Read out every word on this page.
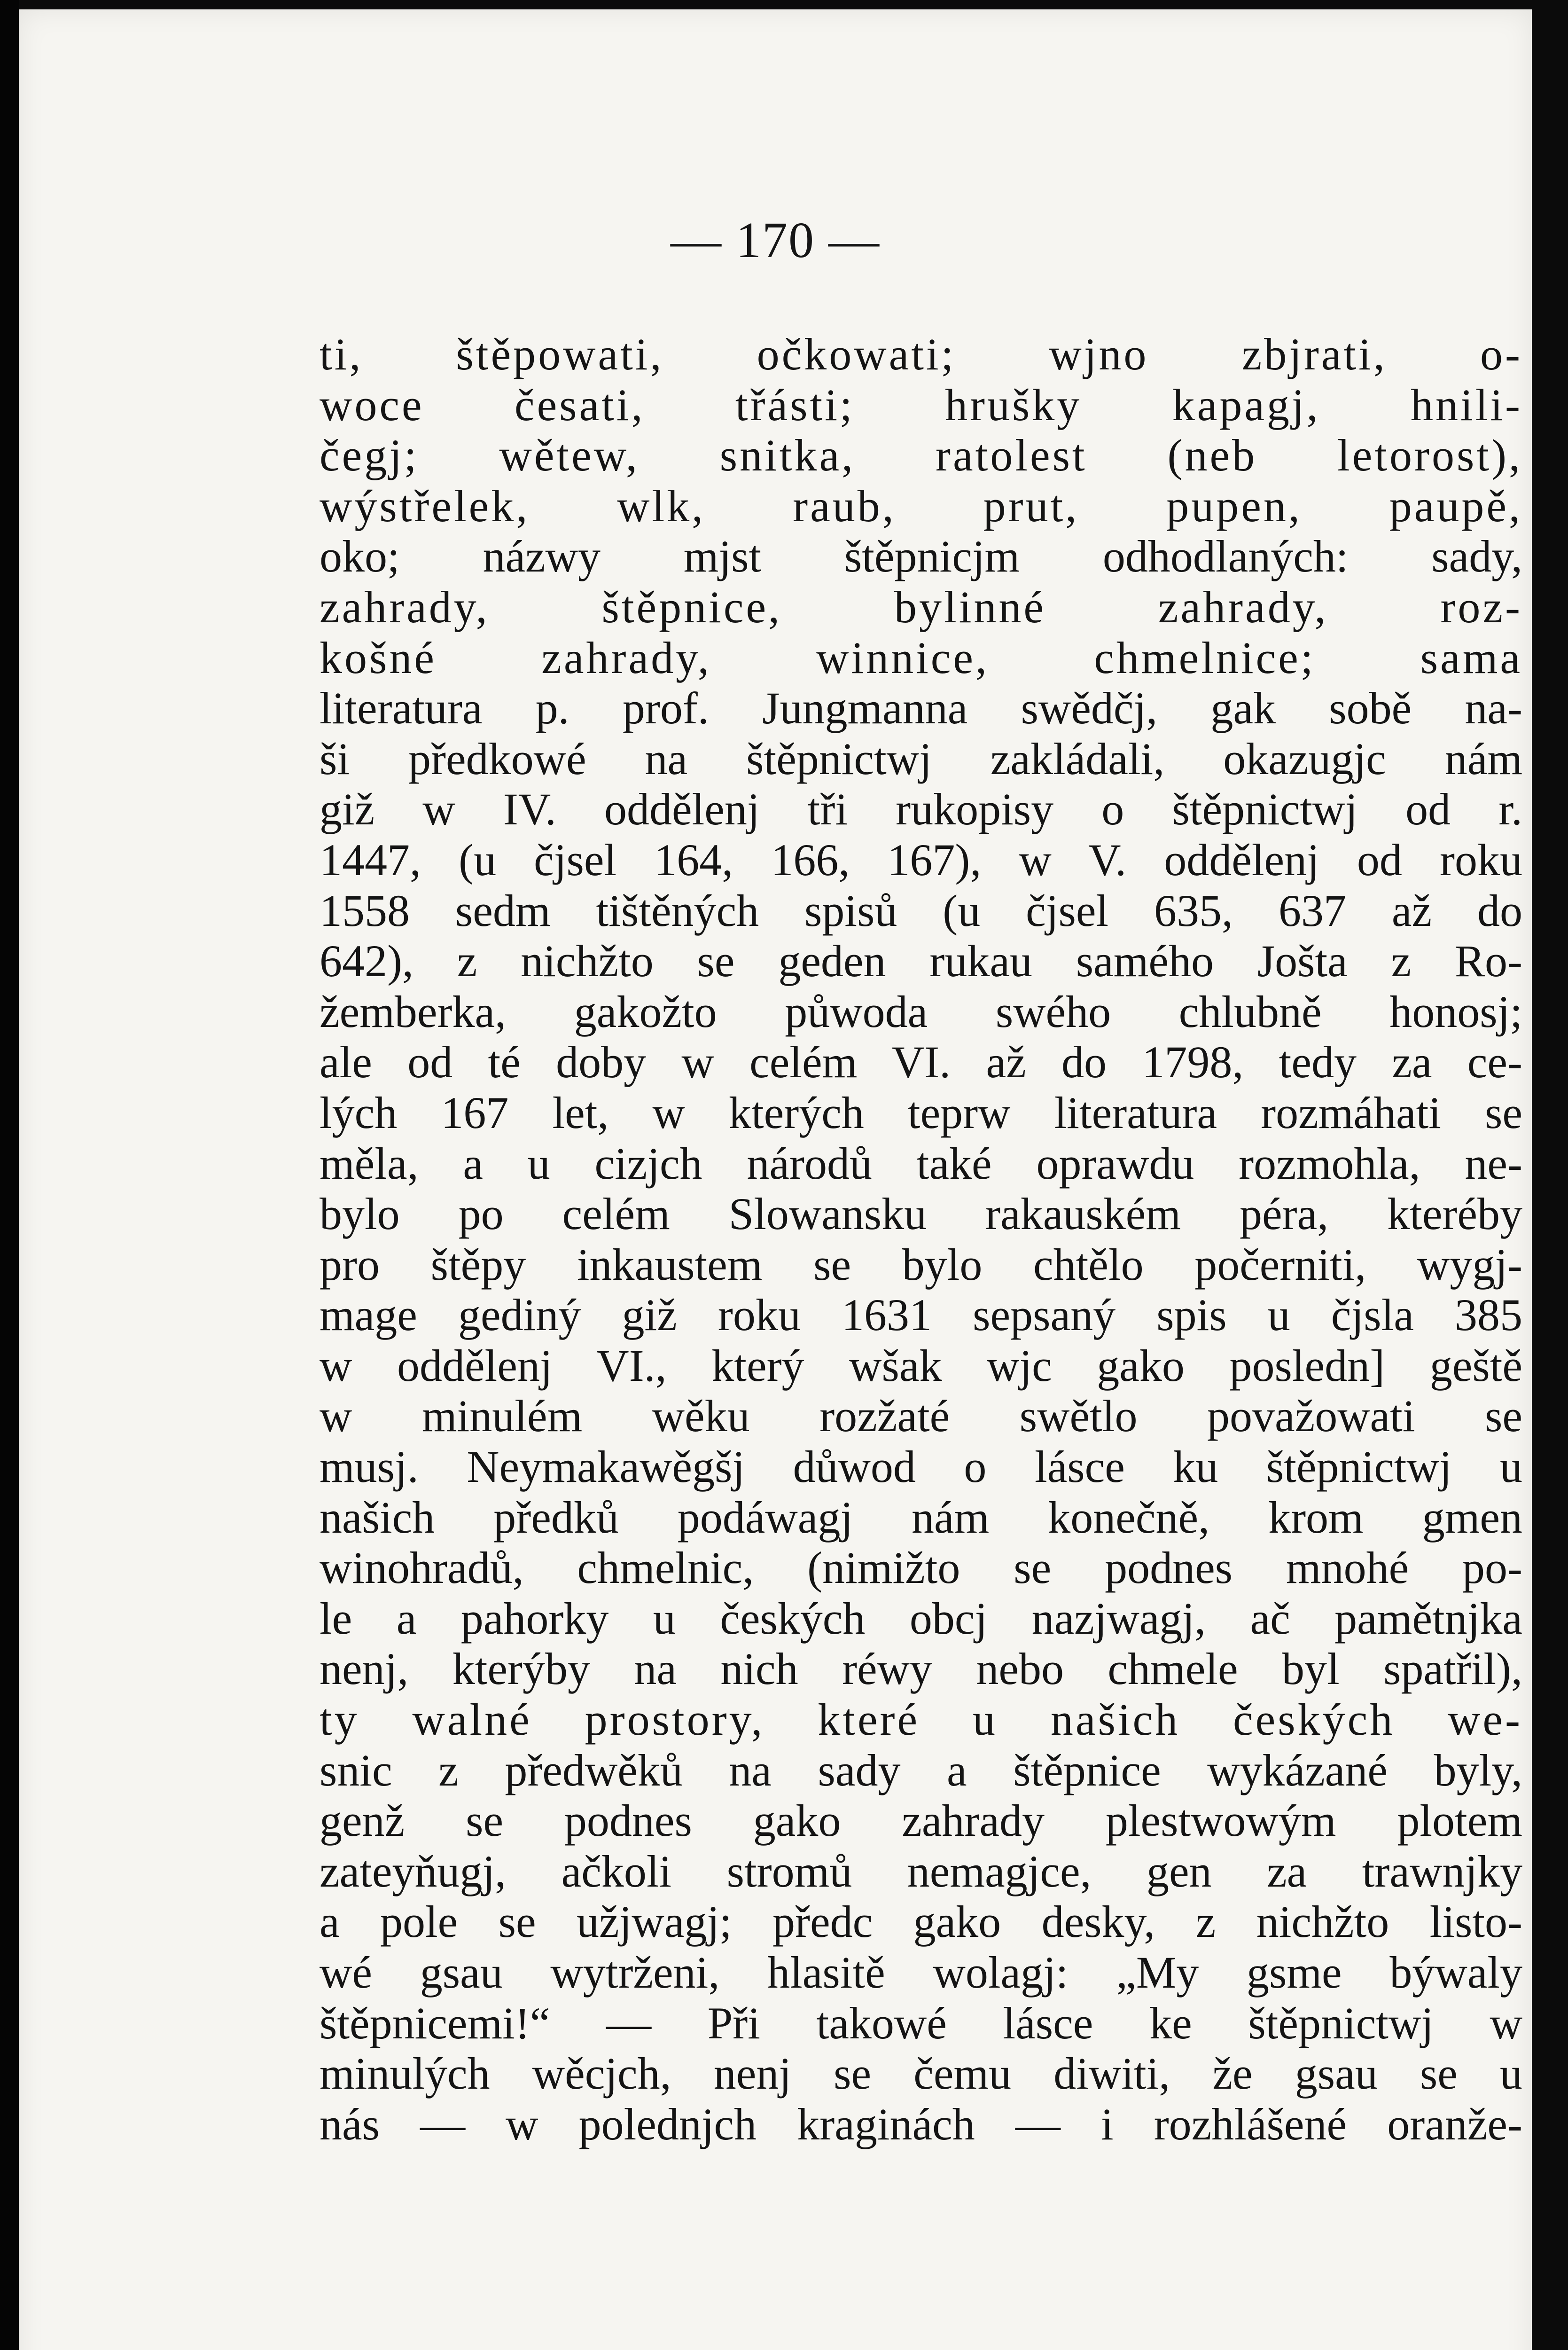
— 170 —
ti, štěpowati, očkowati; wjno zbjrati, o-
woce česati, třásti; hrušky kapagj, hnili-
čegj; wětew, snitka, ratolest (neb letorost),
wýstřelek, wlk, raub, prut, pupen, paupě,
oko; názwy mjst štěpnicjm odhodlaných: sady,
zahrady, štěpnice, bylinné zahrady, roz-
košné zahrady, winnice, chmelnice; sama
literatura p. prof. Jungmanna swědčj, gak sobě na-
ši předkowé na štěpnictwj zakládali, okazugjc nám
giž w IV. oddělenj tři rukopisy o štěpnictwj od r.
1447, (u čjsel 164, 166, 167), w V. oddělenj od roku
1558 sedm tištěných spisů (u čjsel 635, 637 až do
642), z nichžto se geden rukau samého Jošta z Ro-
žemberka, gakožto půwoda swého chlubně honosj;
ale od té doby w celém VI. až do 1798, tedy za ce-
lých 167 let, w kterých teprw literatura rozmáhati se
měla, a u cizjch národů také oprawdu rozmohla, ne-
bylo po celém Slowansku rakauském péra, kteréby
pro štěpy inkaustem se bylo chtělo počerniti, wygj-
mage gediný giž roku 1631 sepsaný spis u čjsla 385
w oddělenj VI., který wšak wjc gako posledn] geště
w minulém wěku rozžaté swětlo považowati se
musj. Neymakawěgšj důwod o lásce ku štěpnictwj u
našich předků podáwagj nám konečně, krom gmen
winohradů, chmelnic, (nimižto se podnes mnohé po-
le a pahorky u českých obcj nazjwagj, ač pamětnjka
nenj, kterýby na nich réwy nebo chmele byl spatřil),
ty walné prostory, které u našich českých we-
snic z předwěků na sady a štěpnice wykázané byly,
genž se podnes gako zahrady plestwowým plotem
zateyňugj, ačkoli stromů nemagjce, gen za trawnjky
a pole se užjwagj; předc gako desky, z nichžto listo-
wé gsau wytrženi, hlasitě wolagj: „My gsme býwaly
štěpnicemi!“ — Při takowé lásce ke štěpnictwj w
minulých wěcjch, nenj se čemu diwiti, že gsau se u
nás — w polednjch kraginách — i rozhlášené oranže-
